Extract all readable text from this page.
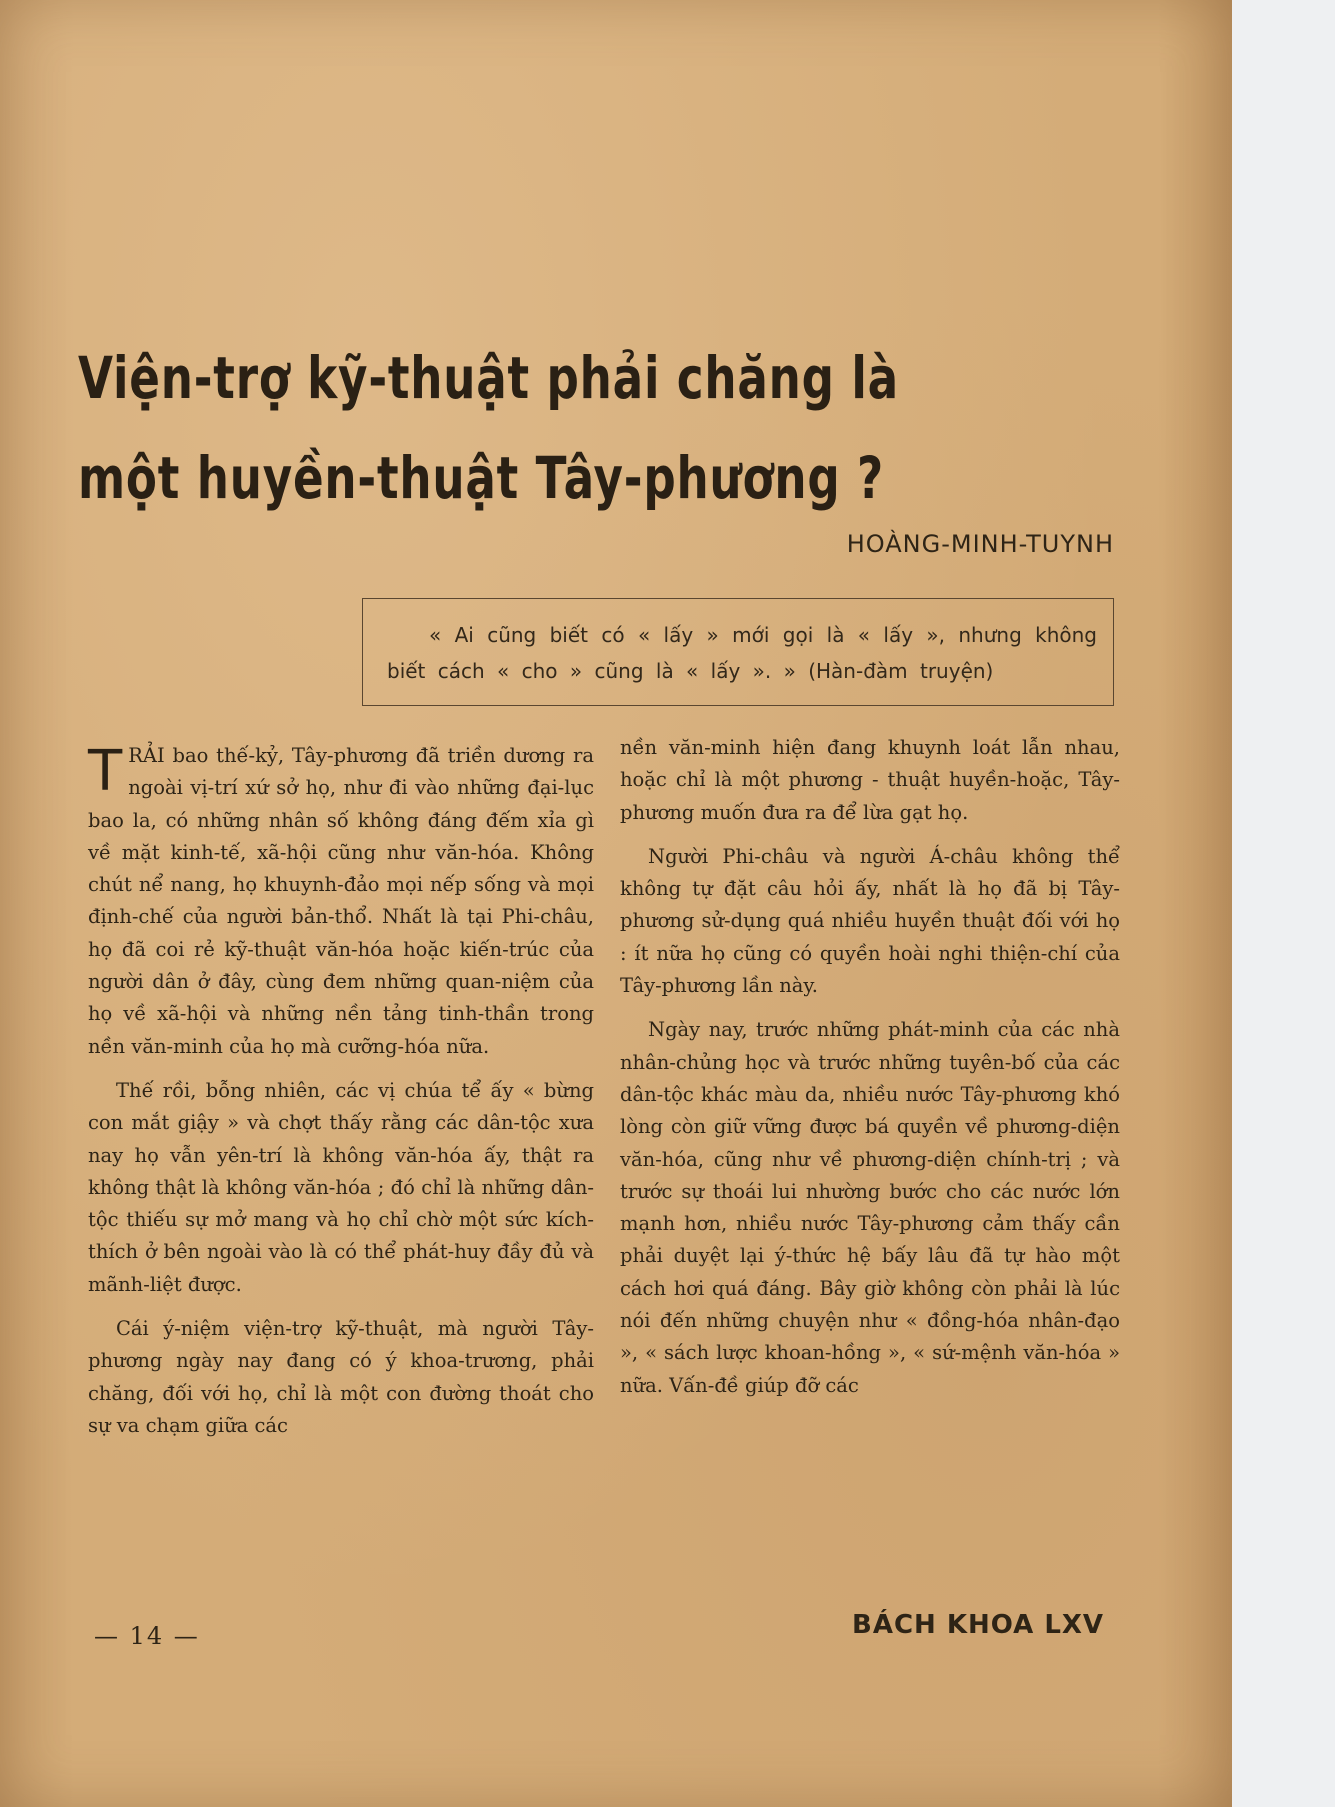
Viện-trợ kỹ-thuật phải chăng là
một huyền-thuật Tây-phương ?
HOÀNG-MINH-TUYNH

« Ai cũng biết có « lấy » mới gọi là « lấy », nhưng không biết cách « cho » cũng là « lấy ». » (Hàn-đàm truyện)

TRẢI bao thế-kỷ, Tây-phương đã triền dương ra ngoài vị-trí xứ sở họ, như đi vào những đại-lục bao la, có những nhân số không đáng đếm xỉa gì về mặt kinh-tế, xã-hội cũng như văn-hóa. Không chút nể nang, họ khuynh-đảo mọi nếp sống và mọi định-chế của người bản-thổ. Nhất là tại Phi-châu, họ đã coi rẻ kỹ-thuật văn-hóa hoặc kiến-trúc của người dân ở đây, cùng đem những quan-niệm của họ về xã-hội và những nền tảng tinh-thần trong nền văn-minh của họ mà cưỡng-hóa nữa.

Thế rồi, bỗng nhiên, các vị chúa tể ấy « bừng con mắt giậy » và chợt thấy rằng các dân-tộc xưa nay họ vẫn yên-trí là không văn-hóa ấy, thật ra không thật là không văn-hóa ; đó chỉ là những dân-tộc thiếu sự mở mang và họ chỉ chờ một sức kích-thích ở bên ngoài vào là có thể phát-huy đầy đủ và mãnh-liệt được.

Cái ý-niệm viện-trợ kỹ-thuật, mà người Tây-phương ngày nay đang có ý khoa-trương, phải chăng, đối với họ, chỉ là một con đường thoát cho sự va chạm giữa các

nền văn-minh hiện đang khuynh loát lẫn nhau, hoặc chỉ là một phương - thuật huyền-hoặc, Tây-phương muốn đưa ra để lừa gạt họ.

Người Phi-châu và người Á-châu không thể không tự đặt câu hỏi ấy, nhất là họ đã bị Tây-phương sử-dụng quá nhiều huyền thuật đối với họ : ít nữa họ cũng có quyền hoài nghi thiện-chí của Tây-phương lần này.

Ngày nay, trước những phát-minh của các nhà nhân-chủng học và trước những tuyên-bố của các dân-tộc khác màu da, nhiều nước Tây-phương khó lòng còn giữ vững được bá quyền về phương-diện văn-hóa, cũng như về phương-diện chính-trị ; và trước sự thoái lui nhường bước cho các nước lớn mạnh hơn, nhiều nước Tây-phương cảm thấy cần phải duyệt lại ý-thức hệ bấy lâu đã tự hào một cách hơi quá đáng. Bây giờ không còn phải là lúc nói đến những chuyện như « đồng-hóa nhân-đạo », « sách lược khoan-hồng », « sứ-mệnh văn-hóa » nữa. Vấn-đề giúp đỡ các

— 14 —	BÁCH KHOA LXV
